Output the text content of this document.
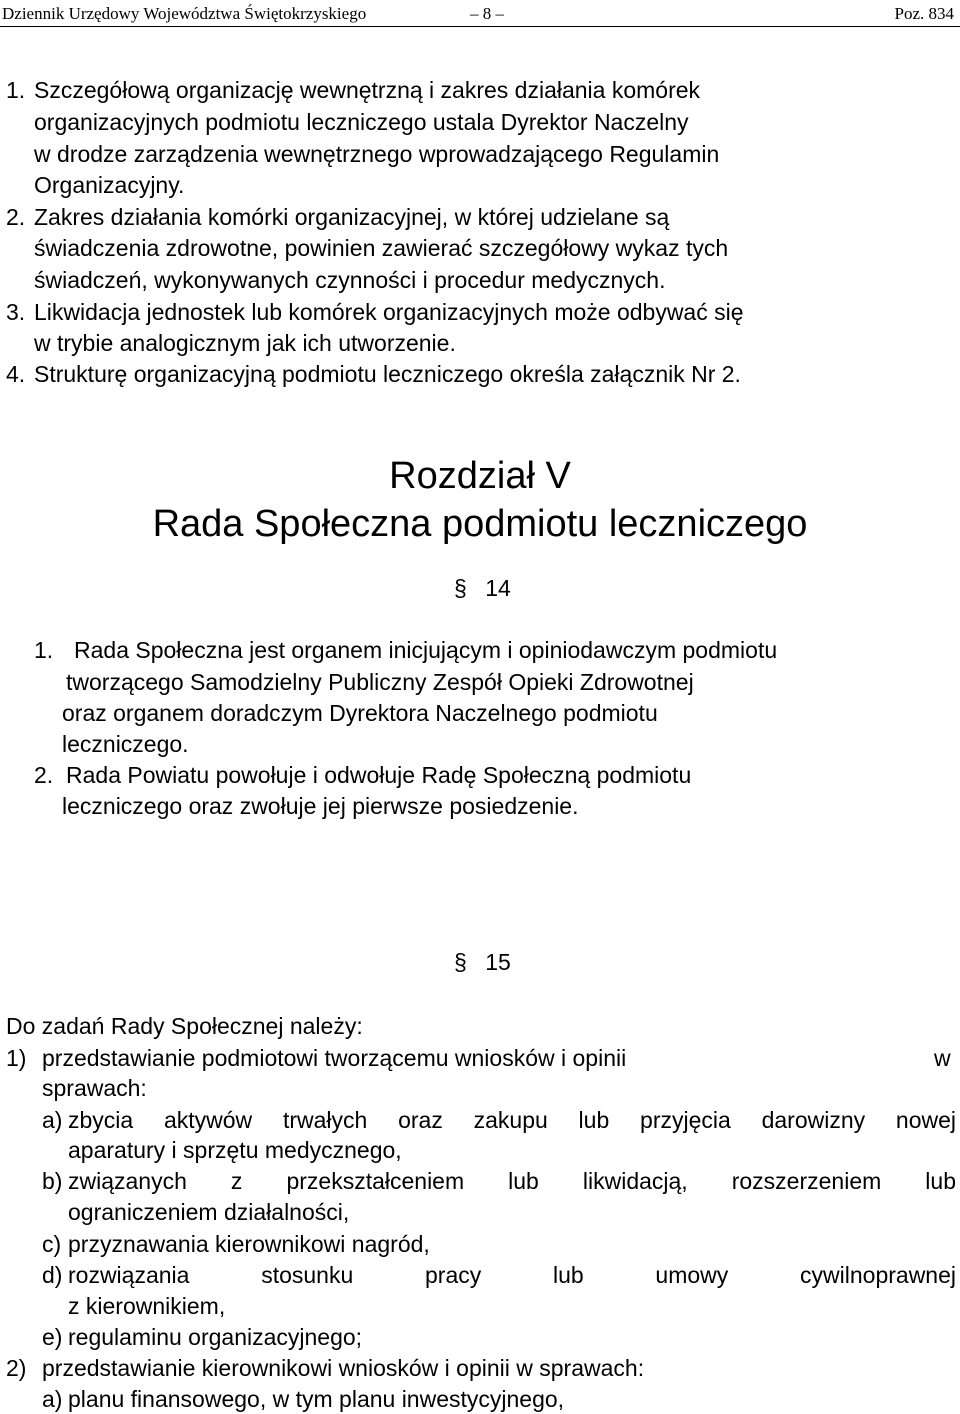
Dziennik Urzędowy Województwa Świętokrzyskiego	– 8 –	Poz. 834
1. Szczegółową organizację wewnętrzną i zakres działania komórek
organizacyjnych podmiotu leczniczego ustala Dyrektor Naczelny
w drodze zarządzenia wewnętrznego wprowadzającego Regulamin
Organizacyjny.
2. Zakres działania komórki organizacyjnej, w której udzielane są
świadczenia zdrowotne, powinien zawierać szczegółowy wykaz tych
świadczeń, wykonywanych czynności i procedur medycznych.
3. Likwidacja jednostek lub komórek organizacyjnych może odbywać się
w trybie analogicznym jak ich utworzenie.
4. Strukturę organizacyjną podmiotu leczniczego określa załącznik Nr 2.
Rozdział V
Rada Społeczna podmiotu leczniczego
§ 14
1. Rada Społeczna jest organem inicjującym i opiniodawczym podmiotu
tworzącego Samodzielny Publiczny Zespół Opieki Zdrowotnej
oraz organem doradczym Dyrektora Naczelnego podmiotu
leczniczego.
2. Rada Powiatu powołuje i odwołuje Radę Społeczną podmiotu
leczniczego oraz zwołuje jej pierwsze posiedzenie.
§ 15
Do zadań Rady Społecznej należy:
1) przedstawianie podmiotowi tworzącemu wniosków i opinii	w
sprawach:
a) zbycia aktywów trwałych oraz zakupu lub przyjęcia darowizny nowej
aparatury i sprzętu medycznego,
b) związanych z przekształceniem lub likwidacją, rozszerzeniem lub
ograniczeniem działalności,
c) przyznawania kierownikowi nagród,
d) rozwiązania stosunku pracy lub umowy cywilnoprawnej
z kierownikiem,
e) regulaminu organizacyjnego;
2) przedstawianie kierownikowi wniosków i opinii w sprawach:
a) planu finansowego, w tym planu inwestycyjnego,
